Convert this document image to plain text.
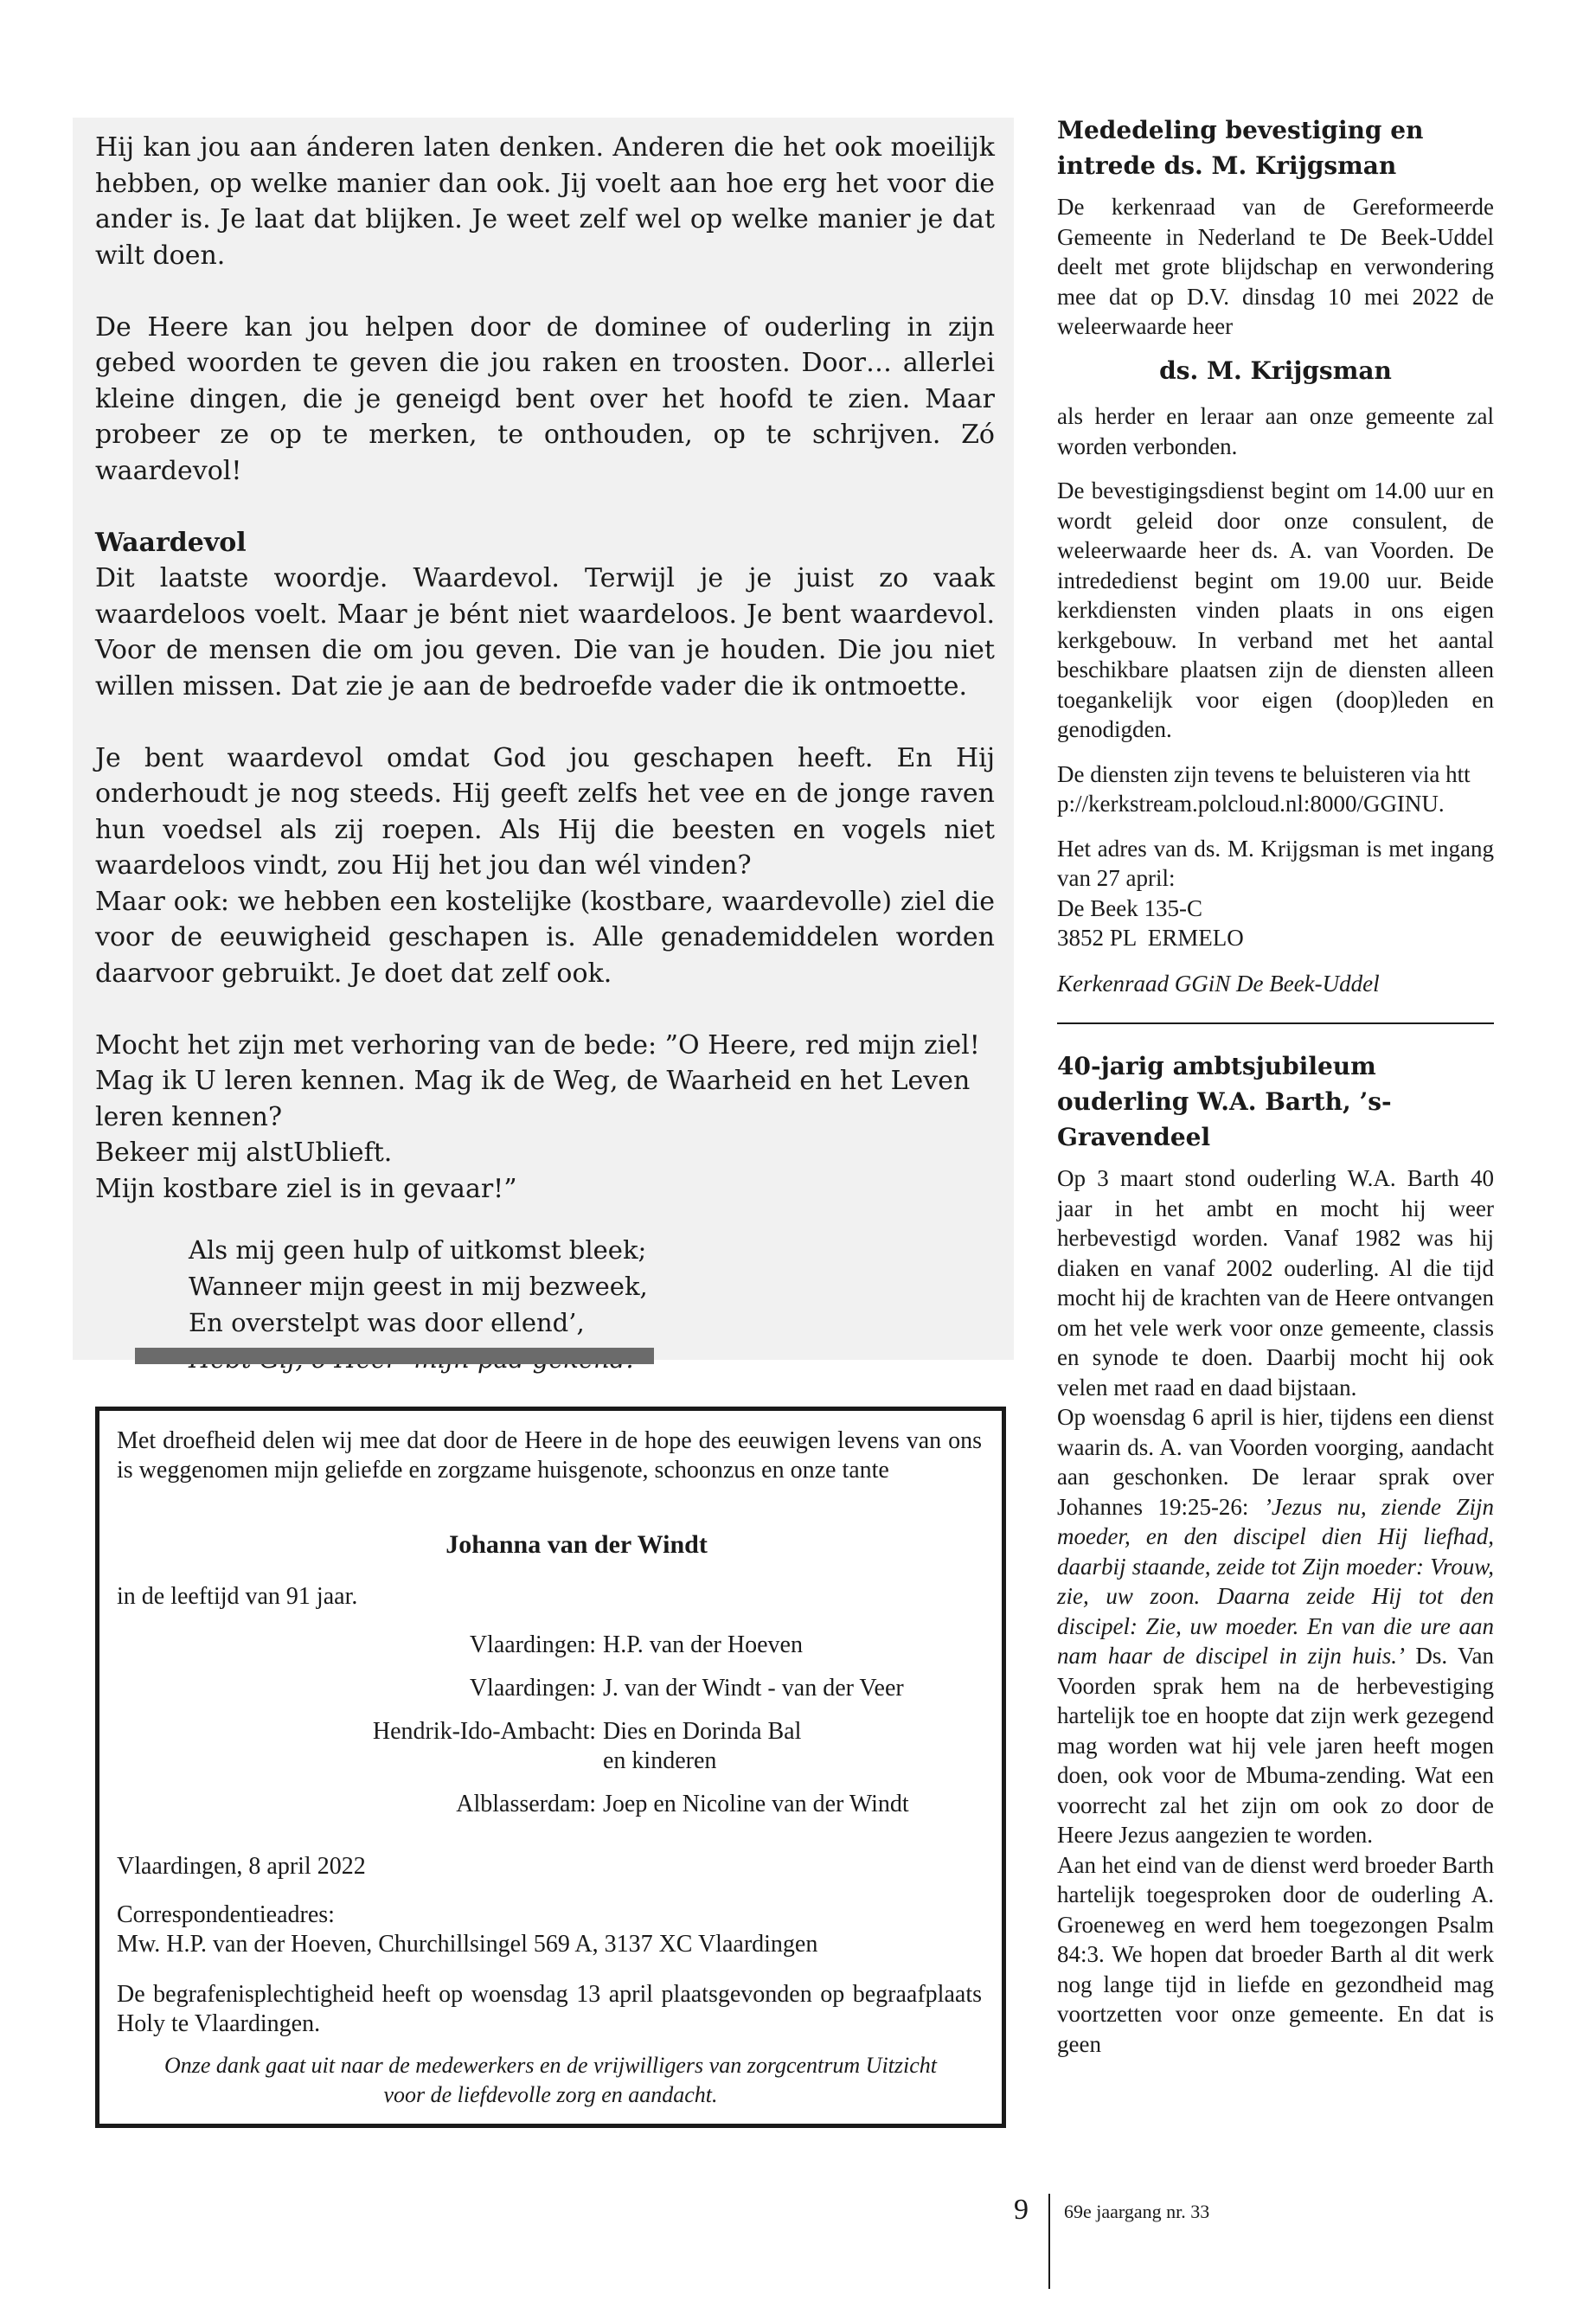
Hij kan jou aan ánderen laten denken. Anderen die het ook moeilijk hebben, op welke manier dan ook. Jij voelt aan hoe erg het voor die ander is. Je laat dat blijken. Je weet zelf wel op welke manier je dat wilt doen.

De Heere kan jou helpen door de dominee of ouderling in zijn gebed woorden te geven die jou raken en troosten. Door… allerlei kleine dingen, die je geneigd bent over het hoofd te zien. Maar probeer ze op te merken, te onthouden, op te schrijven. Zó waardevol!

Waardevol

Dit laatste woordje. Waardevol. Terwijl je je juist zo vaak waardeloos voelt. Maar je bént niet waardeloos. Je bent waardevol. Voor de mensen die om jou geven. Die van je houden. Die jou niet willen missen. Dat zie je aan de bedroefde vader die ik ontmoette.

Je bent waardevol omdat God jou geschapen heeft. En Hij onderhoudt je nog steeds. Hij geeft zelfs het vee en de jonge raven hun voedsel als zij roepen. Als Hij die beesten en vogels niet waardeloos vindt, zou Hij het jou dan wél vinden?

Maar ook: we hebben een kostelijke (kostbare, waardevolle) ziel die voor de eeuwigheid geschapen is. Alle genademiddelen worden daarvoor gebruikt. Je doet dat zelf ook.

Mocht het zijn met verhoring van de bede: ”O Heere, red mijn ziel!
Mag ik U leren kennen. Mag ik de Weg, de Waarheid en het Leven leren kennen?
Bekeer mij alstUblieft.
Mijn kostbare ziel is in gevaar!”

Als mij geen hulp of uitkomst bleek;
Wanneer mijn geest in mij bezweek,
En overstelpt was door ellend’,

Met droefheid delen wij mee dat door de Heere in de hope des eeuwigen levens van ons is weggenomen mijn geliefde en zorgzame huisgenote, schoonzus en onze tante

Johanna van der Windt

in de leeftijd van 91 jaar.

Vlaardingen: H.P. van der Hoeven
Vlaardingen: J. van der Windt - van der Veer
Hendrik-Ido-Ambacht: Dies en Dorinda Bal
en kinderen
Alblasserdam: Joep en Nicoline van der Windt

Vlaardingen, 8 april 2022

Correspondentieadres:

Mw. H.P. van der Hoeven, Churchillsingel 569 A, 3137 XC Vlaardingen

De begrafenisplechtigheid heeft op woensdag 13 april plaatsgevonden op begraafplaats Holy te Vlaardingen.

Onze dank gaat uit naar de medewerkers en de vrijwilligers van zorgcentrum Uitzicht voor de liefdevolle zorg en aandacht.

Mededeling bevestiging en intrede ds. M. Krijgsman

De kerkenraad van de Gereformeerde Gemeente in Nederland te De Beek-Uddel deelt met grote blijdschap en verwondering mee dat op D.V. dinsdag 10 mei 2022 de weleerwaarde heer

ds. M. Krijgsman

als herder en leraar aan onze gemeente zal worden verbonden.

De bevestigingsdienst begint om 14.00 uur en wordt geleid door onze consulent, de weleerwaarde heer ds. A. van Voorden. De intrededienst begint om 19.00 uur. Beide kerkdiensten vinden plaats in ons eigen kerkgebouw. In verband met het aantal beschikbare plaatsen zijn de diensten alleen toegankelijk voor eigen (doop)leden en genodigden.

De diensten zijn tevens te beluisteren via http://kerkstream.polcloud.nl:8000/GGINU.

Het adres van ds. M. Krijgsman is met ingang van 27 april:

De Beek 135-C

3852 PL  ERMELO

Kerkenraad GGiN De Beek-Uddel

40-jarig ambtsjubileum ouderling W.A. Barth, ’s-Gravendeel

Op 3 maart stond ouderling W.A. Barth 40 jaar in het ambt en mocht hij weer herbevestigd worden. Vanaf 1982 was hij diaken en vanaf 2002 ouderling. Al die tijd mocht hij de krachten van de Heere ontvangen om het vele werk voor onze gemeente, classis en synode te doen. Daarbij mocht hij ook velen met raad en daad bijstaan.

Op woensdag 6 april is hier, tijdens een dienst waarin ds. A. van Voorden voorging, aandacht aan geschonken. De leraar sprak over Johannes 19:25-26: ’Jezus nu, ziende Zijn moeder, en den discipel dien Hij liefhad, daarbij staande, zeide tot Zijn moeder: Vrouw, zie, uw zoon. Daarna zeide Hij tot den discipel: Zie, uw moeder. En van die ure aan nam haar de discipel in zijn huis.’ Ds. Van Voorden sprak hem na de herbevestiging hartelijk toe en hoopte dat zijn werk gezegend mag worden wat hij vele jaren heeft mogen doen, ook voor de Mbuma-zending. Wat een voorrecht zal het zijn om ook zo door de Heere Jezus aangezien te worden.

Aan het eind van de dienst werd broeder Barth hartelijk toegesproken door de ouderling A. Groeneweg en werd hem toegezongen Psalm 84:3. We hopen dat broeder Barth al dit werk nog lange tijd in liefde en gezondheid mag voortzetten voor onze gemeente. En dat is geen

9 69e jaargang nr. 33
